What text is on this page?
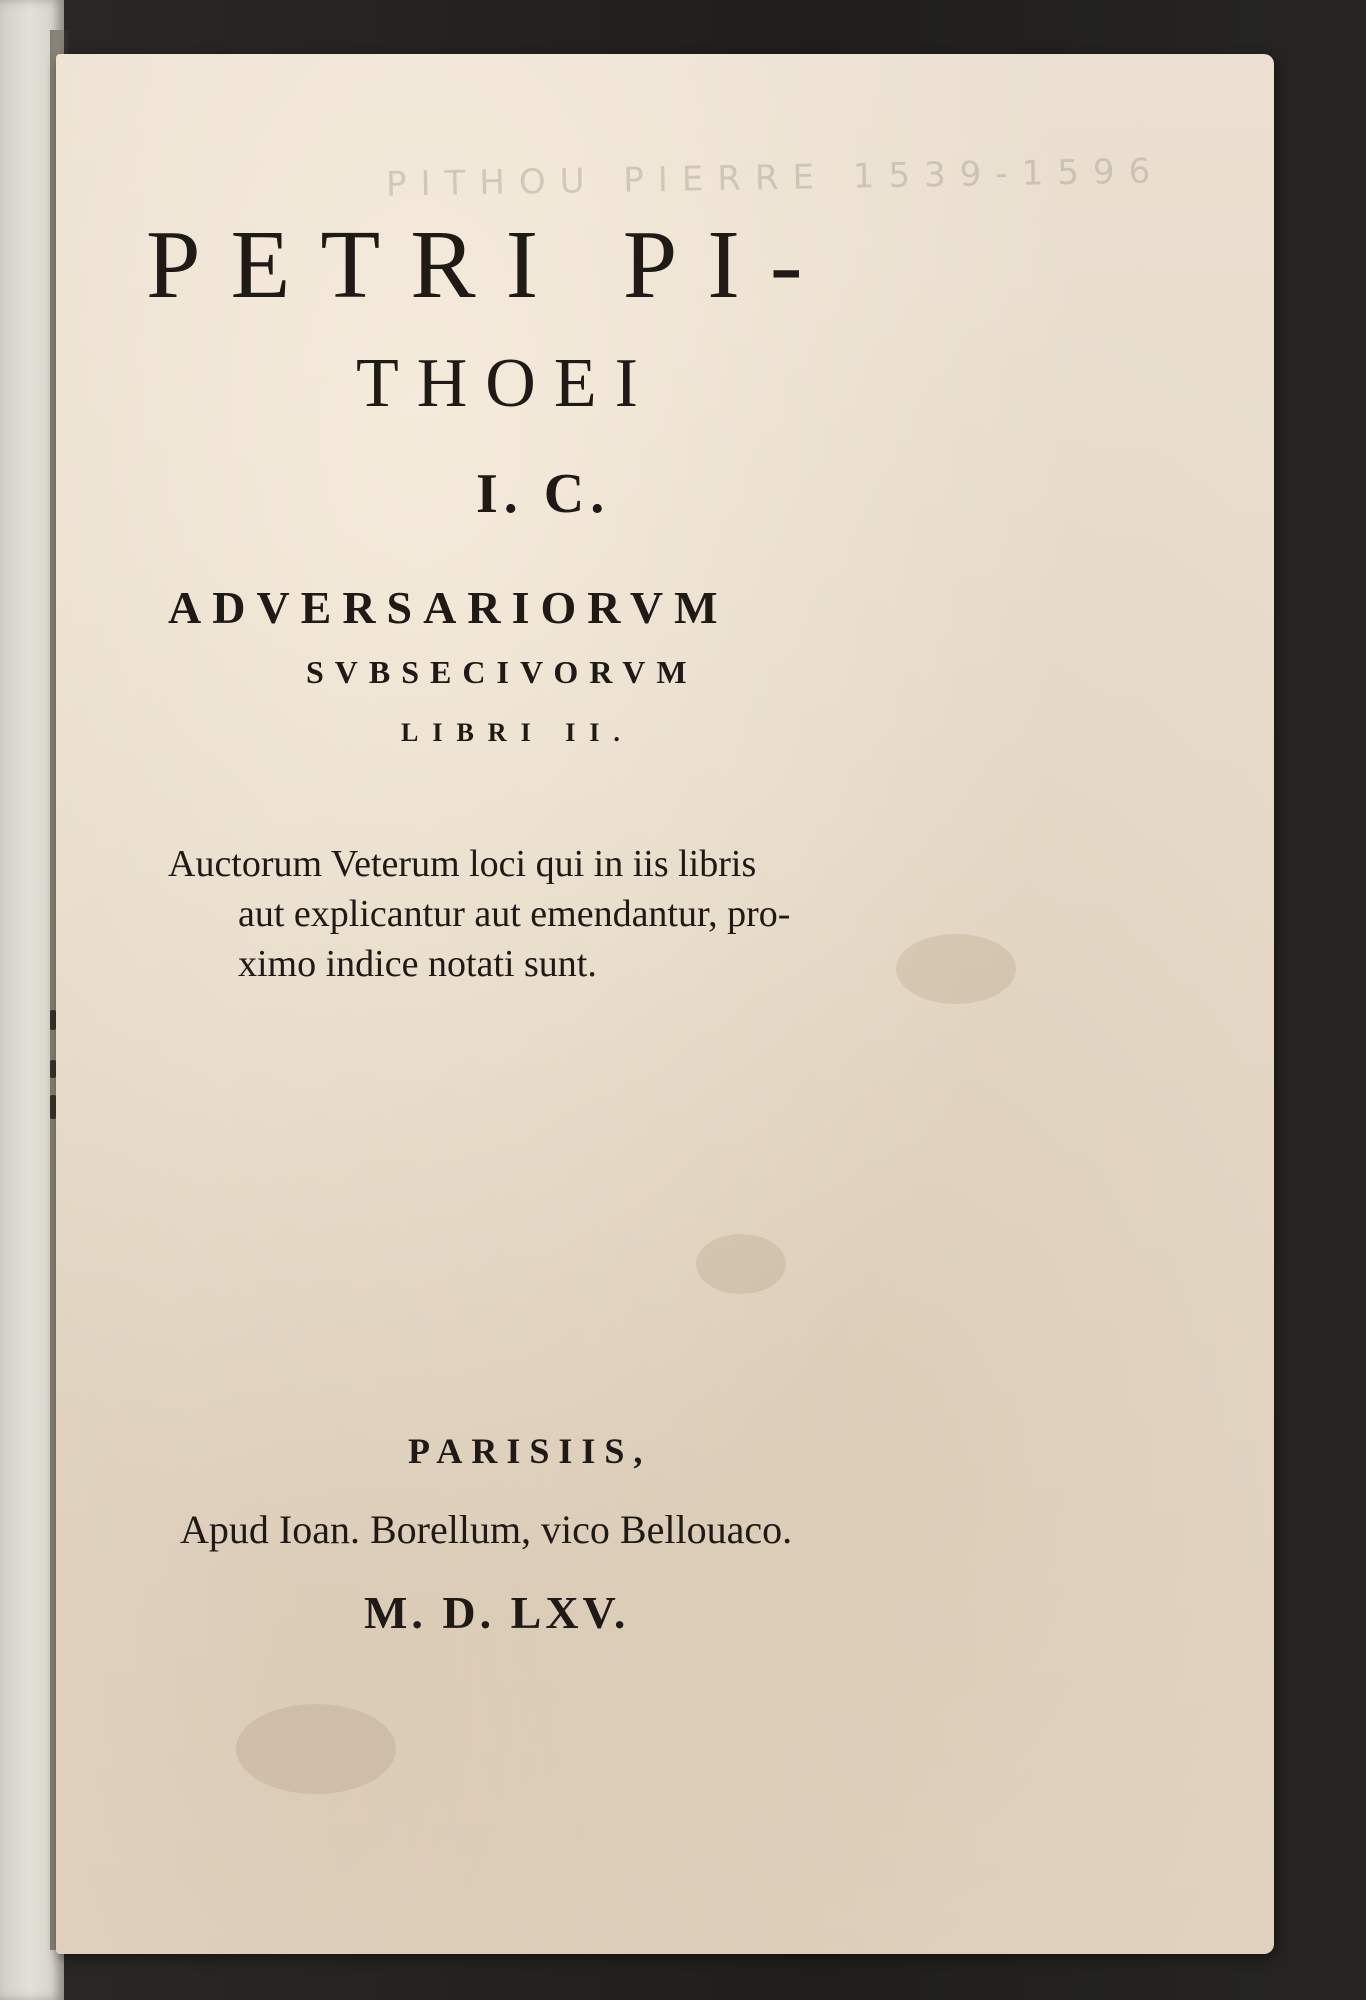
PITHOU PIERRE 1539-1596
PETRI PI-
THOEI
I. C.
ADVERSARIORVM
SVBSECIVORVM
LIBRI II.
Auctorum Veterum loci qui in iis libris
aut explicantur aut emendantur, pro-
ximo indice notati sunt.
PARISIIS,
Apud Ioan. Borellum, vico Bellouaco.
M. D. LXV.
